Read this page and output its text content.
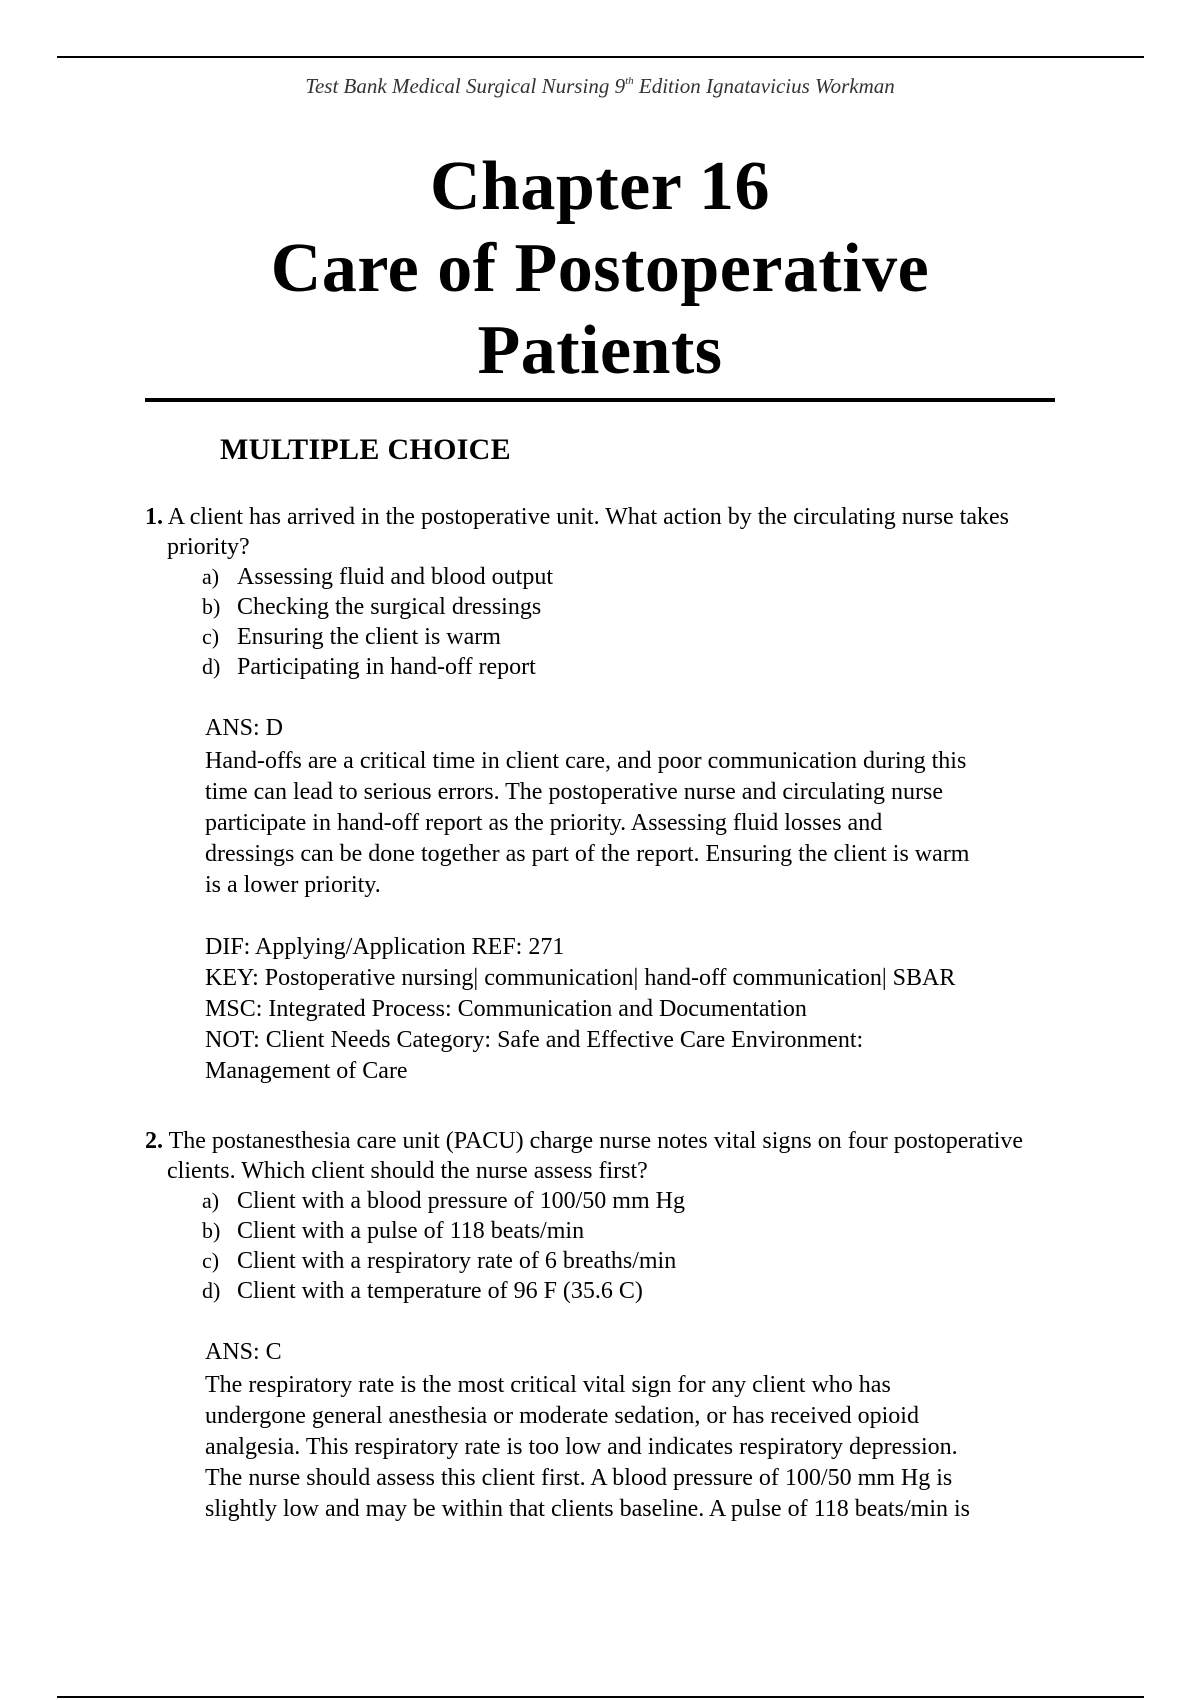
Test Bank Medical Surgical Nursing 9th Edition Ignatavicius Workman
Chapter 16
Care of Postoperative
Patients
MULTIPLE CHOICE
1. A client has arrived in the postoperative unit. What action by the circulating nurse takes priority?
a) Assessing fluid and blood output
b) Checking the surgical dressings
c) Ensuring the client is warm
d) Participating in hand-off report
ANS: D
Hand-offs are a critical time in client care, and poor communication during this
time can lead to serious errors. The postoperative nurse and circulating nurse
participate in hand-off report as the priority. Assessing fluid losses and
dressings can be done together as part of the report. Ensuring the client is warm
is a lower priority.
DIF: Applying/Application REF: 271
KEY: Postoperative nursing| communication| hand-off communication| SBAR
MSC: Integrated Process: Communication and Documentation
NOT: Client Needs Category: Safe and Effective Care Environment:
Management of Care
2. The postanesthesia care unit (PACU) charge nurse notes vital signs on four postoperative clients. Which client should the nurse assess first?
a) Client with a blood pressure of 100/50 mm Hg
b) Client with a pulse of 118 beats/min
c) Client with a respiratory rate of 6 breaths/min
d) Client with a temperature of 96 F (35.6 C)
ANS: C
The respiratory rate is the most critical vital sign for any client who has
undergone general anesthesia or moderate sedation, or has received opioid
analgesia. This respiratory rate is too low and indicates respiratory depression.
The nurse should assess this client first. A blood pressure of 100/50 mm Hg is
slightly low and may be within that clients baseline. A pulse of 118 beats/min is
